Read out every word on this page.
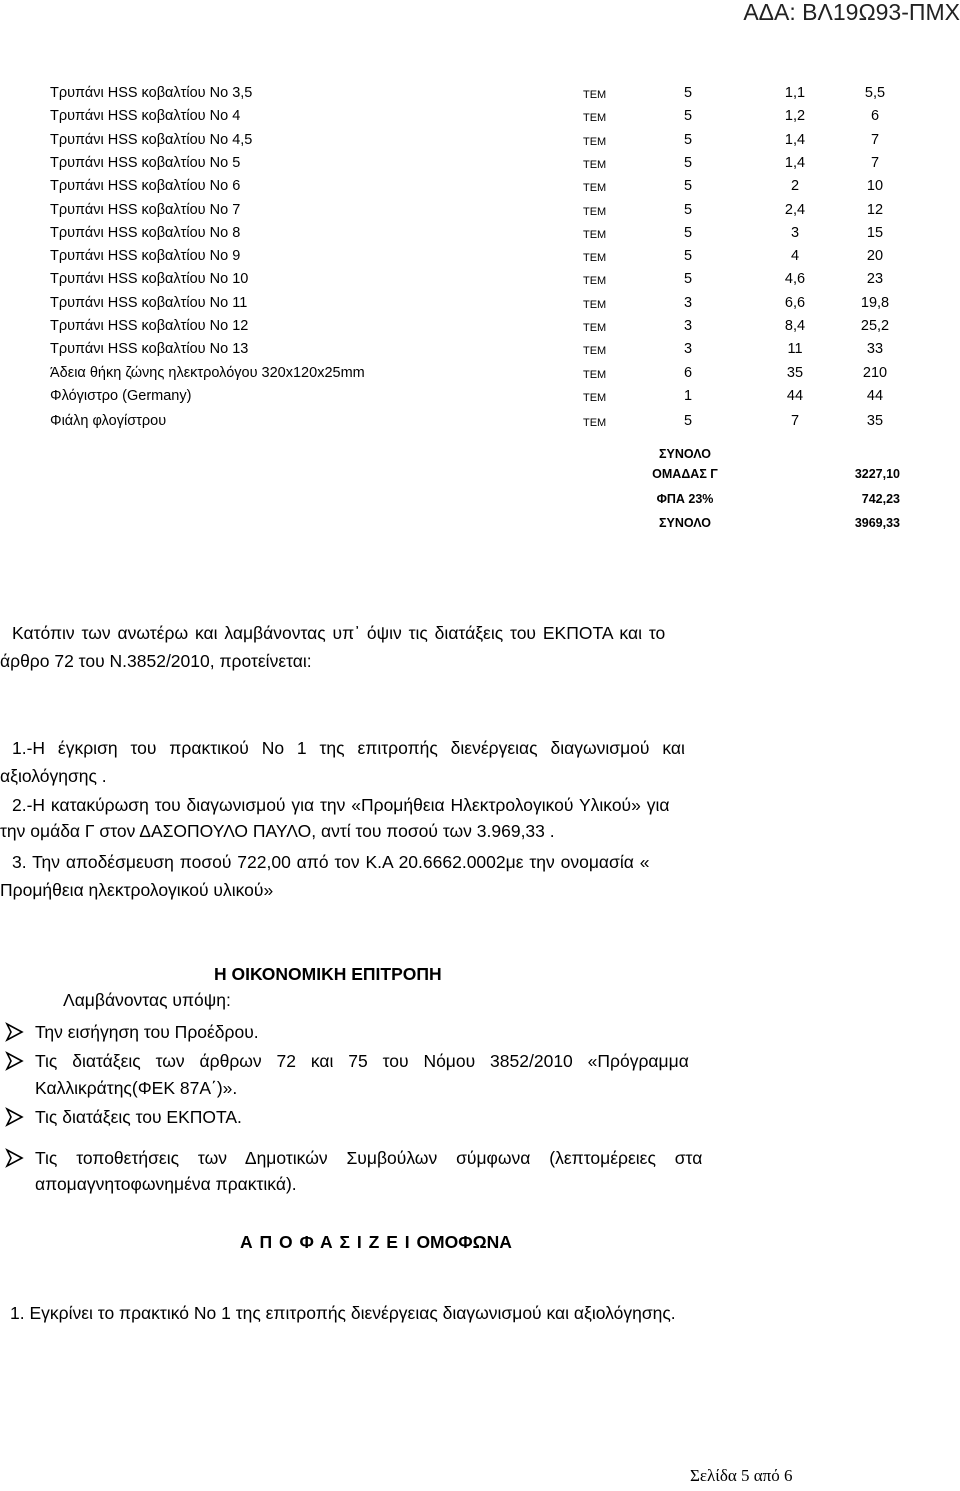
ΑΔΑ: ΒΛ19Ω93-ΠΜΧ
Τρυπάνι HSS κοβαλτίου Νο 3,5	ΤΕΜ	5	1,1	5,5
Τρυπάνι HSS κοβαλτίου Νο 4	ΤΕΜ	5	1,2	6
Τρυπάνι HSS κοβαλτίου Νο 4,5	ΤΕΜ	5	1,4	7
Τρυπάνι HSS κοβαλτίου Νο 5	ΤΕΜ	5	1,4	7
Τρυπάνι HSS κοβαλτίου Νο 6	ΤΕΜ	5	2	10
Τρυπάνι HSS κοβαλτίου Νο 7	ΤΕΜ	5	2,4	12
Τρυπάνι HSS κοβαλτίου Νο 8	ΤΕΜ	5	3	15
Τρυπάνι HSS κοβαλτίου Νο 9	ΤΕΜ	5	4	20
Τρυπάνι HSS κοβαλτίου Νο 10	ΤΕΜ	5	4,6	23
Τρυπάνι HSS κοβαλτίου Νο 11	ΤΕΜ	3	6,6	19,8
Τρυπάνι HSS κοβαλτίου Νο 12	ΤΕΜ	3	8,4	25,2
Τρυπάνι HSS κοβαλτίου Νο 13	ΤΕΜ	3	11	33
Άδεια θήκη ζώνης ηλεκτρολόγου 320x120x25mm	ΤΕΜ	6	35	210
Φλόγιστρο (Germany)	ΤΕΜ	1	44	44
Φιάλη φλογίστρου	ΤΕΜ	5	7	35
ΣΥΝΟΛΟ
ΟΜΑΔΑΣ Γ	3227,10
ΦΠΑ 23%	742,23
ΣΥΝΟΛΟ	3969,33
Κατόπιν των ανωτέρω και λαμβάνοντας υπ᾽ όψιν τις διατάξεις του ΕΚΠΟΤΑ και το
άρθρο 72 του Ν.3852/2010, προτείνεται:
1.-Η έγκριση του πρακτικού Νο 1 της επιτροπής διενέργειας διαγωνισμού και
αξιολόγησης .
2.-Η κατακύρωση του διαγωνισμού για την «Προμήθεια Ηλεκτρολογικού Υλικού» για
την ομάδα Γ στον ΔΑΣΟΠΟΥΛΟ ΠΑΥΛΟ, αντί του ποσού των 3.969,33 .
3. Την αποδέσμευση ποσού 722,00 από τον Κ.Α 20.6662.0002με την ονομασία «
Προμήθεια ηλεκτρολογικού υλικού»
Η ΟΙΚΟΝΟΜΙΚΗ ΕΠΙΤΡΟΠΗ
Λαμβάνοντας υπόψη:
Την εισήγηση του Προέδρου.
Τις διατάξεις των άρθρων 72 και 75 του Νόμου 3852/2010 «Πρόγραμμα
Καλλικράτης(ΦΕΚ 87Α΄)».
Τις διατάξεις του ΕΚΠΟΤΑ.
Τις τοποθετήσεις των Δημοτικών Συμβούλων σύμφωνα (λεπτομέρειες στα
απομαγνητοφωνημένα πρακτικά).
Α Π Ο Φ Α Σ Ι Ζ Ε Ι ΟΜΟΦΩΝΑ
1. Εγκρίνει το πρακτικό Νο 1 της επιτροπής διενέργειας διαγωνισμού και αξιολόγησης.
Σελίδα 5 από 6
